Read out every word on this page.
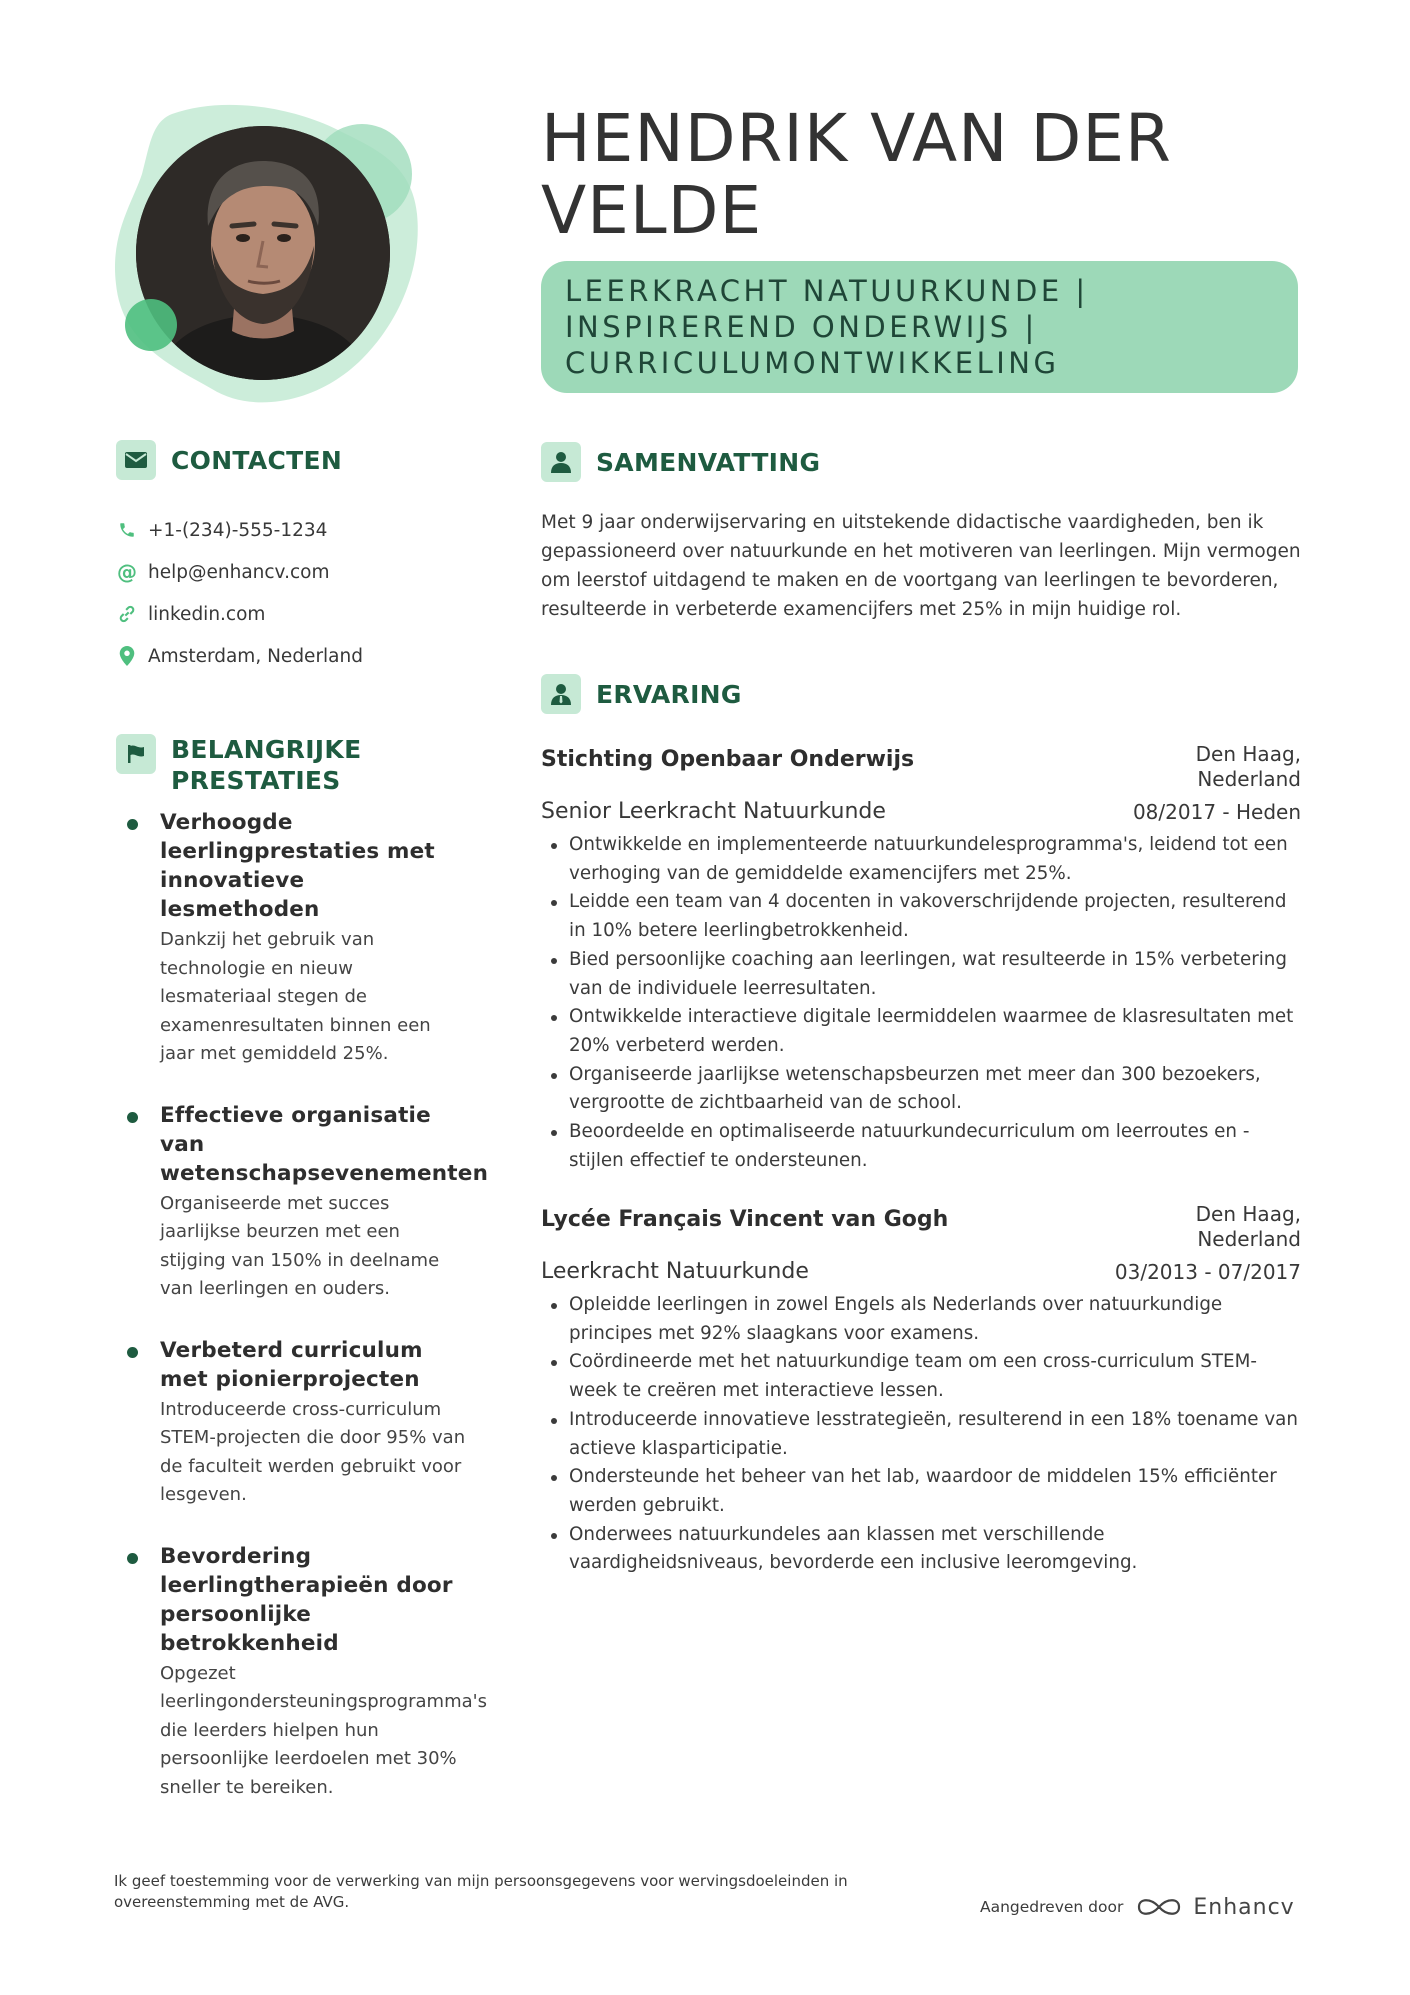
HENDRIK VAN DER
VELDE

LEERKRACHT NATUURKUNDE |

INSPIREREND ONDERWIJS |

CURRICULUMONTWIKKELING

CONTACTEN
+1-(234)-555-1234
@ help@enhancv.com
linkedin.com
Amsterdam, Nederland
BELANGRIJKE
PRESTATIES
Verhoogde leerlingprestaties met innovatieve lesmethoden

Dankzij het gebruik van technologie en nieuw lesmateriaal stegen de examenresultaten binnen een jaar met gemiddeld 25%.

Effectieve organisatie van wetenschapsevenementen

Organiseerde met succes jaarlijkse beurzen met een stijging van 150% in deelname van leerlingen en ouders.

Verbeterd curriculum met pionierprojecten

Introduceerde cross-curriculum STEM-projecten die door 95% van de faculteit werden gebruikt voor lesgeven.

Bevordering leerlingtherapieën door persoonlijke betrokkenheid

Opgezet leerlingondersteuningsprogramma's die leerders hielpen hun persoonlijke leerdoelen met 30% sneller te bereiken.

SAMENVATTING

Met 9 jaar onderwijservaring en uitstekende didactische vaardigheden, ben ik gepassioneerd over natuurkunde en het motiveren van leerlingen. Mijn vermogen om leerstof uitdagend te maken en de voortgang van leerlingen te bevorderen, resulteerde in verbeterde examencijfers met 25% in mijn huidige rol.

ERVARING
Stichting Openbaar Onderwijs	Den Haag,
Nederland
Senior Leerkracht Natuurkunde	08/2017 - Heden
Ontwikkelde en implementeerde natuurkundelesprogramma's, leidend tot een verhoging van de gemiddelde examencijfers met 25%.
Leidde een team van 4 docenten in vakoverschrijdende projecten, resulterend in 10% betere leerlingbetrokkenheid.
Bied persoonlijke coaching aan leerlingen, wat resulteerde in 15% verbetering van de individuele leerresultaten.
Ontwikkelde interactieve digitale leermiddelen waarmee de klasresultaten met 20% verbeterd werden.
Organiseerde jaarlijkse wetenschapsbeurzen met meer dan 300 bezoekers, vergrootte de zichtbaarheid van de school.
Beoordeelde en optimaliseerde natuurkundecurriculum om leerroutes en -stijlen effectief te ondersteunen.
Lycée Français Vincent van Gogh	Den Haag,
Nederland
Leerkracht Natuurkunde	03/2013 - 07/2017
Opleidde leerlingen in zowel Engels als Nederlands over natuurkundige principes met 92% slaagkans voor examens.
Coördineerde met het natuurkundige team om een cross-curriculum STEM-week te creëren met interactieve lessen.
Introduceerde innovatieve lesstrategieën, resulterend in een 18% toename van actieve klasparticipatie.
Ondersteunde het beheer van het lab, waardoor de middelen 15% efficiënter werden gebruikt.
Onderwees natuurkundeles aan klassen met verschillende vaardigheidsniveaus, bevorderde een inclusive leeromgeving.

Ik geef toestemming voor de verwerking van mijn persoonsgegevens voor wervingsdoeleinden in overeenstemming met de AVG.	Aangedreven door	Enhancv
